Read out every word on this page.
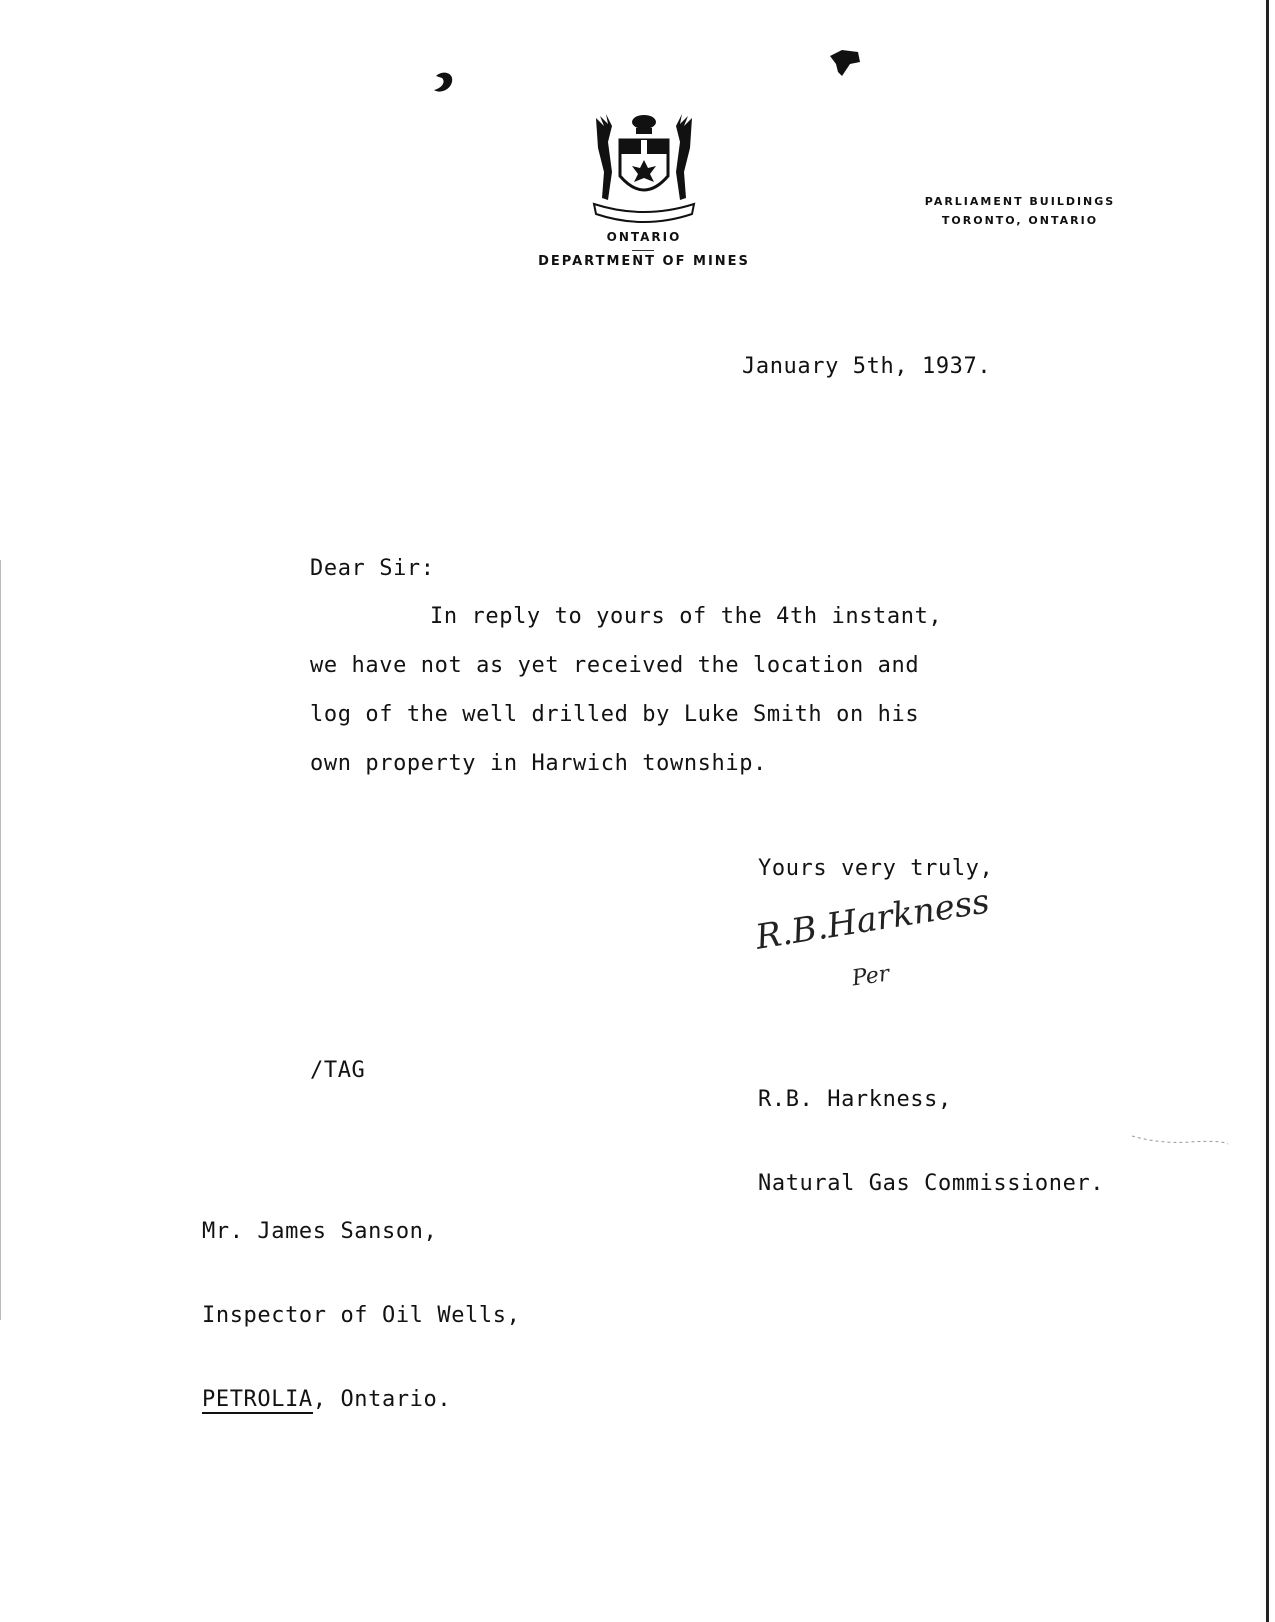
ONTARIO
DEPARTMENT OF MINES
PARLIAMENT BUILDINGS
TORONTO, ONTARIO
January 5th, 1937.
Dear Sir:
In reply to yours of the 4th instant,
we have not as yet received the location and
log of the well drilled by Luke Smith on his
own property in Harwich township.
Yours very truly,
R.B.Harkness
Per

R.B. Harkness,

Natural Gas Commissioner.

/TAG

Mr. James Sanson,

Inspector of Oil Wells,

PETROLIA, Ontario.
